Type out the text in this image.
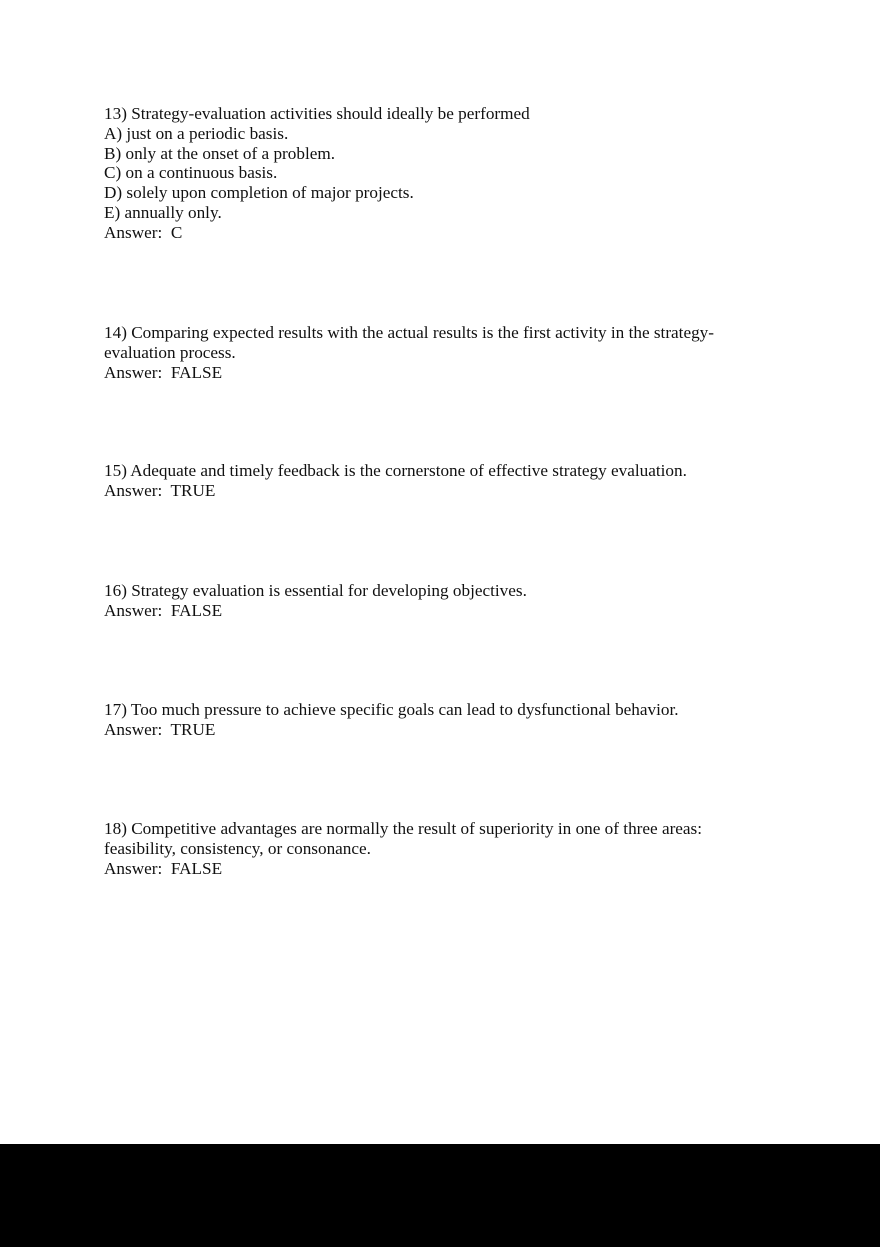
13) Strategy-evaluation activities should ideally be performed
A) just on a periodic basis.
B) only at the onset of a problem.
C) on a continuous basis.
D) solely upon completion of major projects.
E) annually only.
Answer:  C
14) Comparing expected results with the actual results is the first activity in the strategy-
evaluation process.
Answer:  FALSE
15) Adequate and timely feedback is the cornerstone of effective strategy evaluation.
Answer:  TRUE
16) Strategy evaluation is essential for developing objectives.
Answer:  FALSE
17) Too much pressure to achieve specific goals can lead to dysfunctional behavior.
Answer:  TRUE
18) Competitive advantages are normally the result of superiority in one of three areas:
feasibility, consistency, or consonance.
Answer:  FALSE
